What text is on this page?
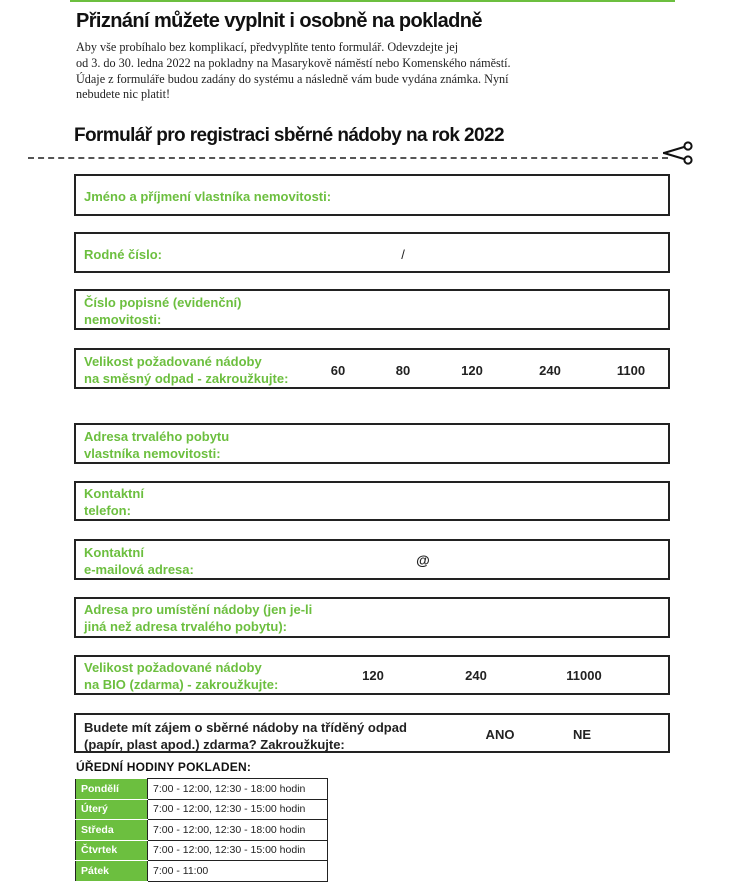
Přiznání můžete vyplnit i osobně na pokladně
Aby vše probíhalo bez komplikací, předvyplňte tento formulář. Odevzdejte jej
od 3. do 30. ledna 2022 na pokladny na Masarykově náměstí nebo Komenského náměstí.
Údaje z formuláře budou zadány do systému a následně vám bude vydána známka. Nyní
nebudete nic platit!
Formulář pro registraci sběrné nádoby na rok 2022
Jméno a příjmení vlastníka nemovitosti:
Rodné číslo:	/
Číslo popisné (evidenční)
nemovitosti:
Velikost požadované nádoby
na směsný odpad - zakroužkujte:	60	80	120	240	1100
Adresa trvalého pobytu
vlastníka nemovitosti:
Kontaktní
telefon:
Kontaktní
e-mailová adresa:
@
Adresa pro umístění nádoby (jen je-li
jiná než adresa trvalého pobytu):
Velikost požadované nádoby
na BIO (zdarma) - zakroužkujte:
120	240	11000
Budete mít zájem o sběrné nádoby na tříděný odpad
(papír, plast apod.) zdarma? Zakroužkujte:
ANO	NE
ÚŘEDNÍ HODINY POKLADEN:
Pondělí	7:00 - 12:00, 12:30 - 18:00 hodin
Úterý	7:00 - 12:00, 12:30 - 15:00 hodin
Středa	7:00 - 12:00, 12:30 - 18:00 hodin
Čtvrtek	7:00 - 12:00, 12:30 - 15:00 hodin
Pátek	7:00 - 11:00
